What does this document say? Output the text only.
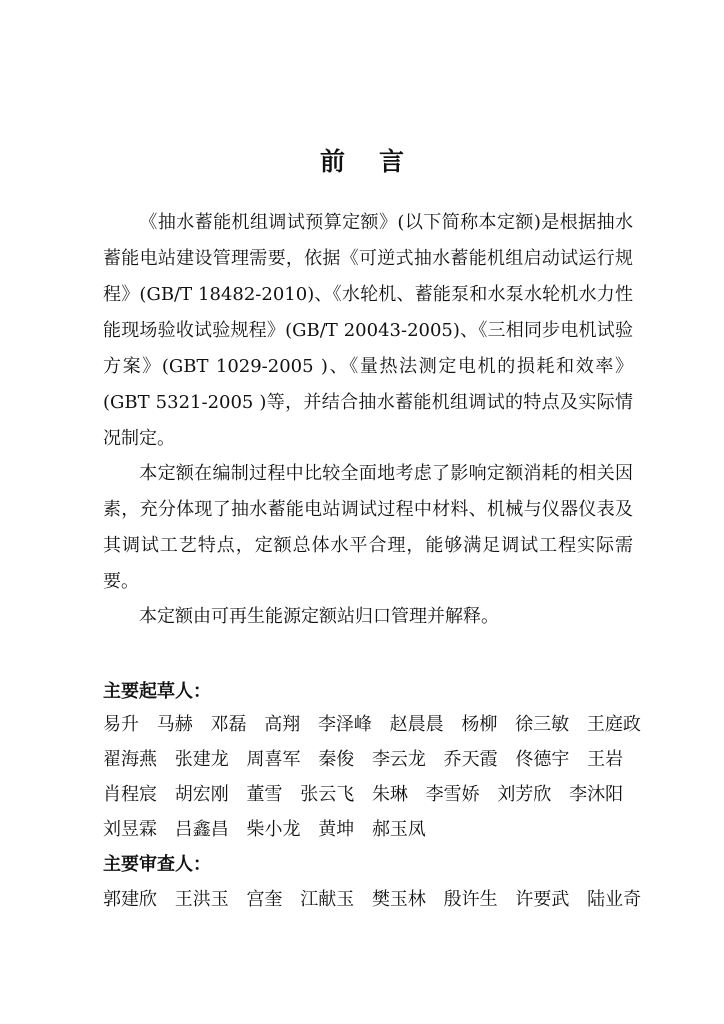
前 言

《抽水蓄能机组调试预算定额》(以下简称本定额)是根据抽水蓄能电站建设管理需要，依据《可逆式抽水蓄能机组启动试运行规程》(GB/T 18482-2010)、《水轮机、蓄能泵和水泵水轮机水力性能现场验收试验规程》(GB/T 20043-2005)、《三相同步电机试验方案》(GBT 1029-2005 )、《量热法测定电机的损耗和效率》(GBT 5321-2005 )等，并结合抽水蓄能机组调试的特点及实际情况制定。

本定额在编制过程中比较全面地考虑了影响定额消耗的相关因素，充分体现了抽水蓄能电站调试过程中材料、机械与仪器仪表及其调试工艺特点，定额总体水平合理，能够满足调试工程实际需要。

本定额由可再生能源定额站归口管理并解释。

主要起草人：
易升 马赫 邓磊 高翔 李泽峰 赵晨晨 杨柳 徐三敏 王庭政
翟海燕 张建龙 周喜军 秦俊 李云龙 乔天霞 佟德宇 王岩
肖程宸 胡宏刚 董雪 张云飞 朱琳 李雪娇 刘芳欣 李沐阳
刘昱霖 吕鑫昌 柴小龙 黄坤 郝玉凤
主要审查人：
郭建欣 王洪玉 宫奎 江献玉 樊玉林 殷许生 许要武 陆业奇
